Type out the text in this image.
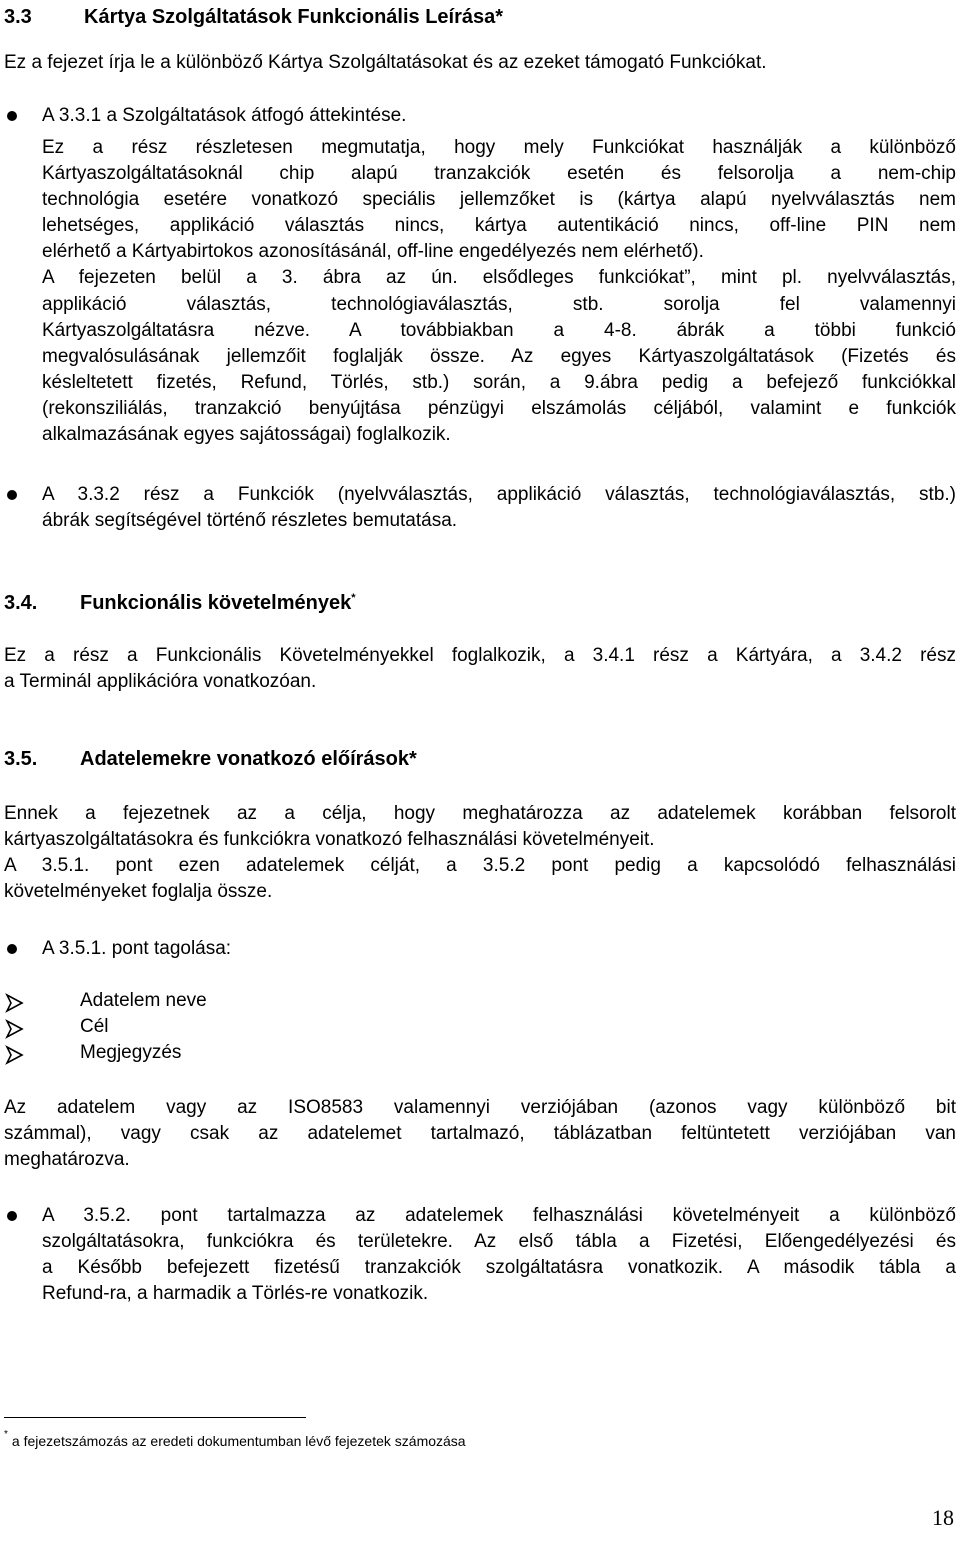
3.3	Kártya Szolgáltatások Funkcionális Leírása*
Ez a fejezet írja le a különböző Kártya Szolgáltatásokat és az ezeket támogató Funkciókat.
A 3.3.1 a Szolgáltatások átfogó áttekintése.
Ez a rész részletesen megmutatja, hogy mely Funkciókat használják a különböző
Kártyaszolgáltatásoknál chip alapú tranzakciók esetén és felsorolja a nem-chip
technológia esetére vonatkozó speciális jellemzőket is (kártya alapú nyelvválasztás nem
lehetséges, applikáció választás nincs, kártya autentikáció nincs, off-line PIN nem
elérhető a Kártyabirtokos azonosításánál, off-line engedélyezés nem elérhető).
A fejezeten belül a 3. ábra az ún. elsődleges funkciókat”, mint pl. nyelvválasztás,
applikáció választás, technológiaválasztás, stb. sorolja fel valamennyi
Kártyaszolgáltatásra nézve. A továbbiakban a 4-8. ábrák a többi funkció
megvalósulásának jellemzőit foglalják össze. Az egyes Kártyaszolgáltatások (Fizetés és
késleltetett fizetés, Refund, Törlés, stb.) során, a 9.ábra pedig a befejező funkciókkal
(rekonsziliálás, tranzakció benyújtása pénzügyi elszámolás céljából, valamint e funkciók
alkalmazásának egyes sajátosságai) foglalkozik.
A 3.3.2 rész a Funkciók (nyelvválasztás, applikáció választás, technológiaválasztás, stb.)
ábrák segítségével történő részletes bemutatása.
3.4. Funkcionális követelmények*
Ez a rész a Funkcionális Követelményekkel foglalkozik, a 3.4.1 rész a Kártyára, a 3.4.2 rész
a Terminál applikációra vonatkozóan.
3.5. Adatelemekre vonatkozó előírások*
Ennek a fejezetnek az a célja, hogy meghatározza az adatelemek korábban felsorolt
kártyaszolgáltatásokra és funkciókra vonatkozó felhasználási követelményeit.
A 3.5.1. pont ezen adatelemek célját, a 3.5.2 pont pedig a kapcsolódó felhasználási
követelményeket foglalja össze.
A 3.5.1. pont tagolása:
Adatelem neve
Cél
Megjegyzés
Az adatelem vagy az ISO8583 valamennyi verziójában (azonos vagy különböző bit
számmal), vagy csak az adatelemet tartalmazó, táblázatban feltüntetett verziójában van
meghatározva.
A 3.5.2. pont tartalmazza az adatelemek felhasználási követelményeit a különböző
szolgáltatásokra, funkciókra és területekre. Az első tábla a Fizetési, Előengedélyezési és
a Később befejezett fizetésű tranzakciók szolgáltatásra vonatkozik. A második tábla a
Refund-ra, a harmadik a Törlés-re vonatkozik.
* a fejezetszámozás az eredeti dokumentumban lévő fejezetek számozása
18
